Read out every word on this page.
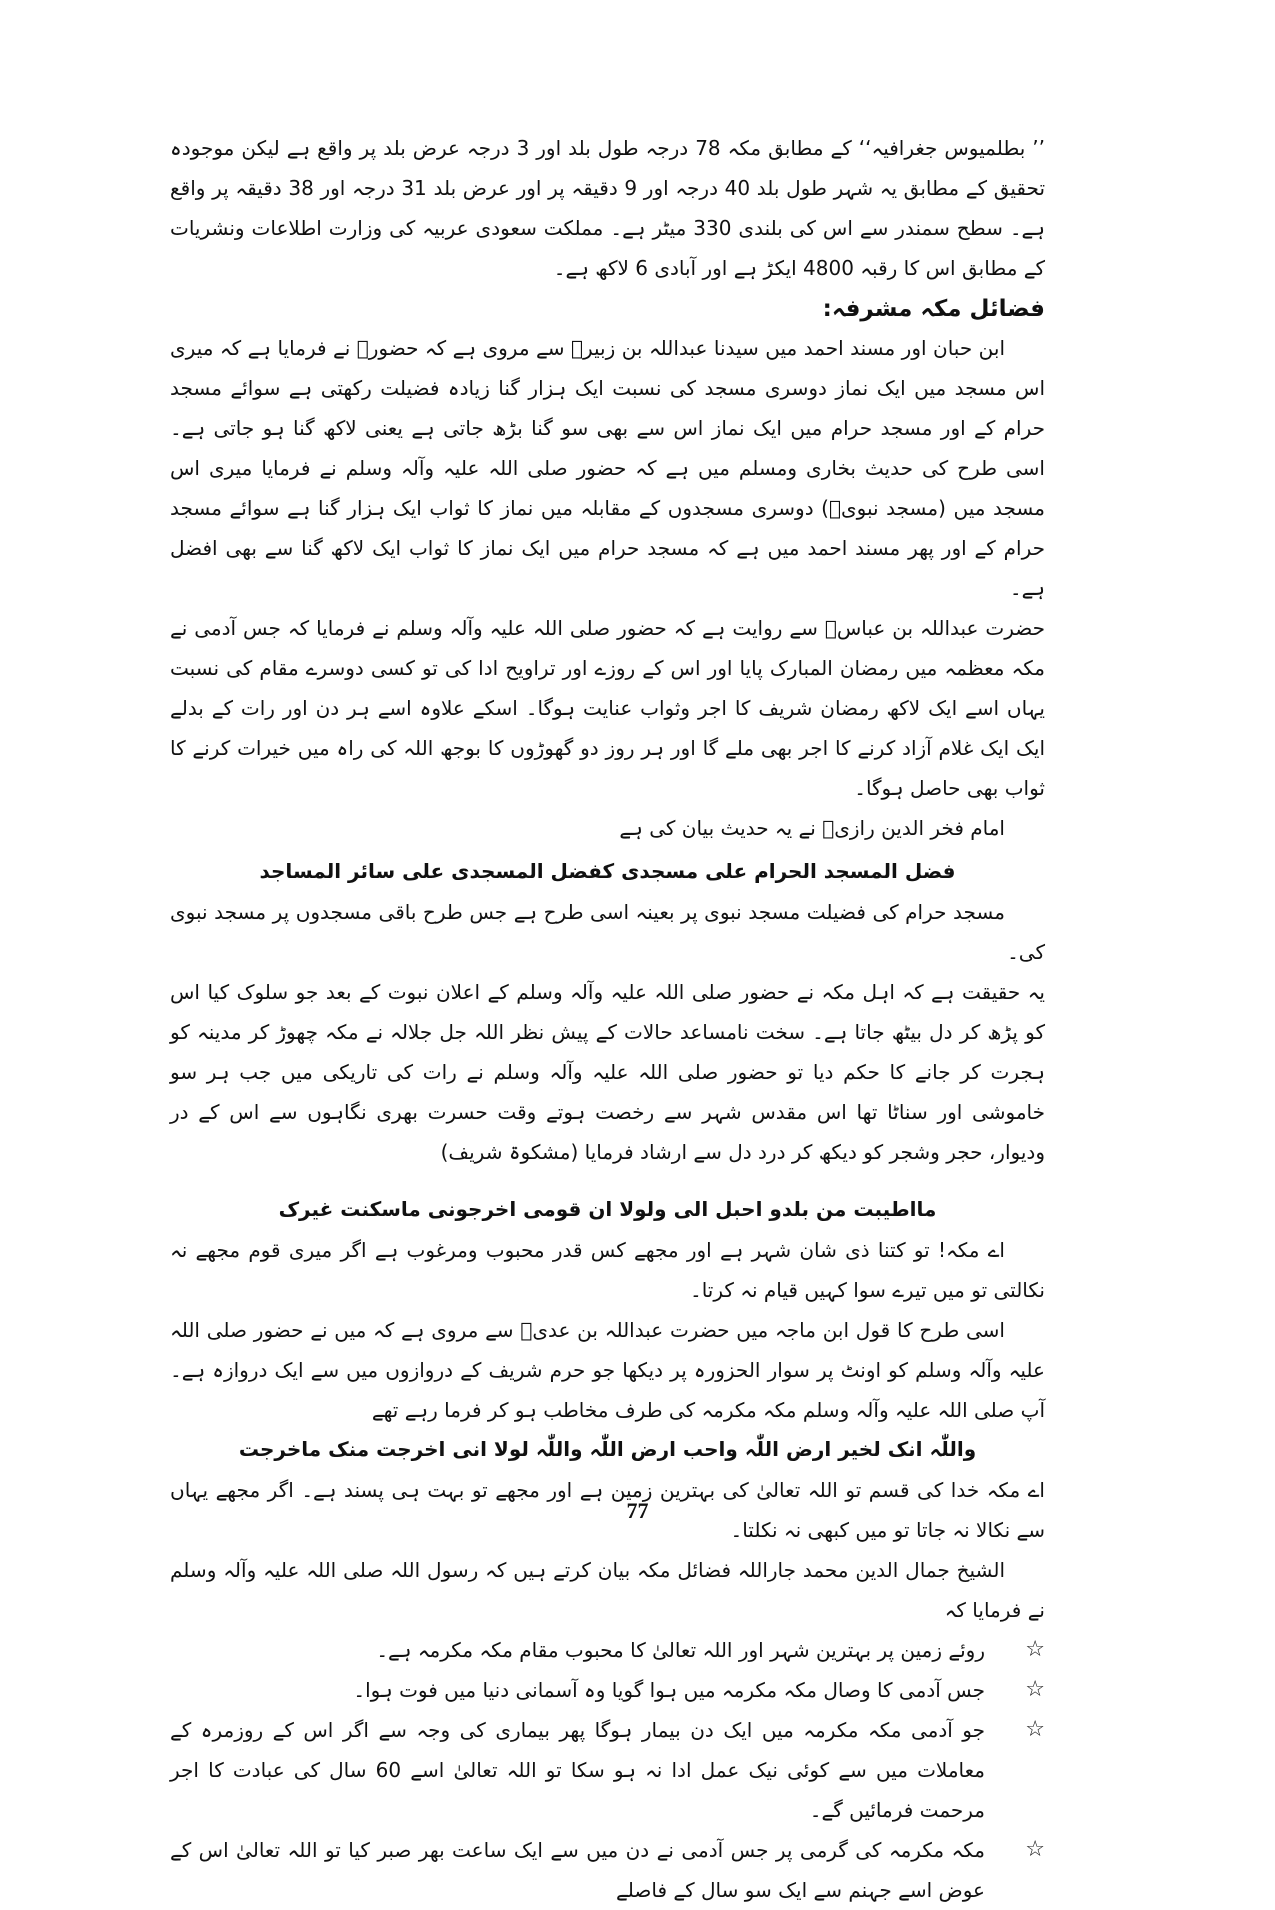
’’ بطلمیوس جغرافیہ‘‘ کے مطابق مکہ 78 درجہ طول بلد اور 3 درجہ عرض بلد پر واقع ہے لیکن موجودہ تحقیق کے مطابق یہ شہر طول بلد 40 درجہ اور 9 دقیقہ پر اور عرض بلد 31 درجہ اور 38 دقیقہ پر واقع ہے۔ سطح سمندر سے اس کی بلندی 330 میٹر ہے۔ مملکت سعودی عربیہ کی وزارت اطلاعات ونشریات کے مطابق اس کا رقبہ 4800 ایکڑ ہے اور آبادی 6 لاکھ ہے۔

فضائل مکہ مشرفہ:

ابن حبان اور مسند احمد میں سیدنا عبداللہ بن زبیرؓ سے مروی ہے کہ حضورؐ نے فرمایا ہے کہ میری اس مسجد میں ایک نماز دوسری مسجد کی نسبت ایک ہزار گنا زیادہ فضیلت رکھتی ہے سوائے مسجد حرام کے اور مسجد حرام میں ایک نماز اس سے بھی سو گنا بڑھ جاتی ہے یعنی لاکھ گنا ہو جاتی ہے۔ اسی طرح کی حدیث بخاری ومسلم میں ہے کہ حضور صلی اللہ علیہ وآلہ وسلم نے فرمایا میری اس مسجد میں (مسجد نبویؐ) دوسری مسجدوں کے مقابلہ میں نماز کا ثواب ایک ہزار گنا ہے سوائے مسجد حرام کے اور پھر مسند احمد میں ہے کہ مسجد حرام میں ایک نماز کا ثواب ایک لاکھ گنا سے بھی افضل ہے۔

حضرت عبداللہ بن عباسؓ سے روایت ہے کہ حضور صلی اللہ علیہ وآلہ وسلم نے فرمایا کہ جس آدمی نے مکہ معظمہ میں رمضان المبارک پایا اور اس کے روزے اور تراویح ادا کی تو کسی دوسرے مقام کی نسبت یہاں اسے ایک لاکھ رمضان شریف کا اجر وثواب عنایت ہوگا۔ اسکے علاوہ اسے ہر دن اور رات کے بدلے ایک ایک غلام آزاد کرنے کا اجر بھی ملے گا اور ہر روز دو گھوڑوں کا بوجھ اللہ کی راہ میں خیرات کرنے کا ثواب بھی حاصل ہوگا۔

امام فخر الدین رازیؒ نے یہ حدیث بیان کی ہے

فضل المسجد الحرام علی مسجدی کفضل المسجدی علی سائر المساجد

مسجد حرام کی فضیلت مسجد نبوی پر بعینہ اسی طرح ہے جس طرح باقی مسجدوں پر مسجد نبوی کی۔

یہ حقیقت ہے کہ اہل مکہ نے حضور صلی اللہ علیہ وآلہ وسلم کے اعلان نبوت کے بعد جو سلوک کیا اس کو پڑھ کر دل بیٹھ جاتا ہے۔ سخت نامساعد حالات کے پیش نظر اللہ جل جلالہ نے مکہ چھوڑ کر مدینہ کو ہجرت کر جانے کا حکم دیا تو حضور صلی اللہ علیہ وآلہ وسلم نے رات کی تاریکی میں جب ہر سو خاموشی اور سناٹا تھا اس مقدس شہر سے رخصت ہوتے وقت حسرت بھری نگاہوں سے اس کے در ودیوار، حجر وشجر کو دیکھ کر درد دل سے ارشاد فرمایا (مشکوۃ شریف)

مااطیبت من بلدو احبل الی ولولا ان قومی اخرجونی ماسکنت غیرک

اے مکہ! تو کتنا ذی شان شہر ہے اور مجھے کس قدر محبوب ومرغوب ہے اگر میری قوم مجھے نہ نکالتی تو میں تیرے سوا کہیں قیام نہ کرتا۔

اسی طرح کا قول ابن ماجہ میں حضرت عبداللہ بن عدیؓ سے مروی ہے کہ میں نے حضور صلی اللہ علیہ وآلہ وسلم کو اونٹ پر سوار الحزورہ پر دیکھا جو حرم شریف کے دروازوں میں سے ایک دروازہ ہے۔ آپ صلی اللہ علیہ وآلہ وسلم مکہ مکرمہ کی طرف مخاطب ہو کر فرما رہے تھے

واللّٰہ انک لخیر ارض اللّٰہ واحب ارض اللّٰہ واللّٰہ لولا انی اخرجت منک ماخرجت

اے مکہ خدا کی قسم تو اللہ تعالیٰ کی بہترین زمین ہے اور مجھے تو بہت ہی پسند ہے۔ اگر مجھے یہاں سے نکالا نہ جاتا تو میں کبھی نہ نکلتا۔

الشیخ جمال الدین محمد جاراللہ فضائل مکہ بیان کرتے ہیں کہ رسول اللہ صلی اللہ علیہ وآلہ وسلم نے فرمایا کہ

☆
روئے زمین پر بہترین شہر اور اللہ تعالیٰ کا محبوب مقام مکہ مکرمہ ہے۔
☆
جس آدمی کا وصال مکہ مکرمہ میں ہوا گویا وہ آسمانی دنیا میں فوت ہوا۔
☆
جو آدمی مکہ مکرمہ میں ایک دن بیمار ہوگا پھر بیماری کی وجہ سے اگر اس کے روزمرہ کے معاملات میں سے کوئی نیک عمل ادا نہ ہو سکا تو اللہ تعالیٰ اسے 60 سال کی عبادت کا اجر مرحمت فرمائیں گے۔
☆
مکہ مکرمہ کی گرمی پر جس آدمی نے دن میں سے ایک ساعت بھر صبر کیا تو اللہ تعالیٰ اس کے عوض اسے جہنم سے ایک سو سال کے فاصلے
77
